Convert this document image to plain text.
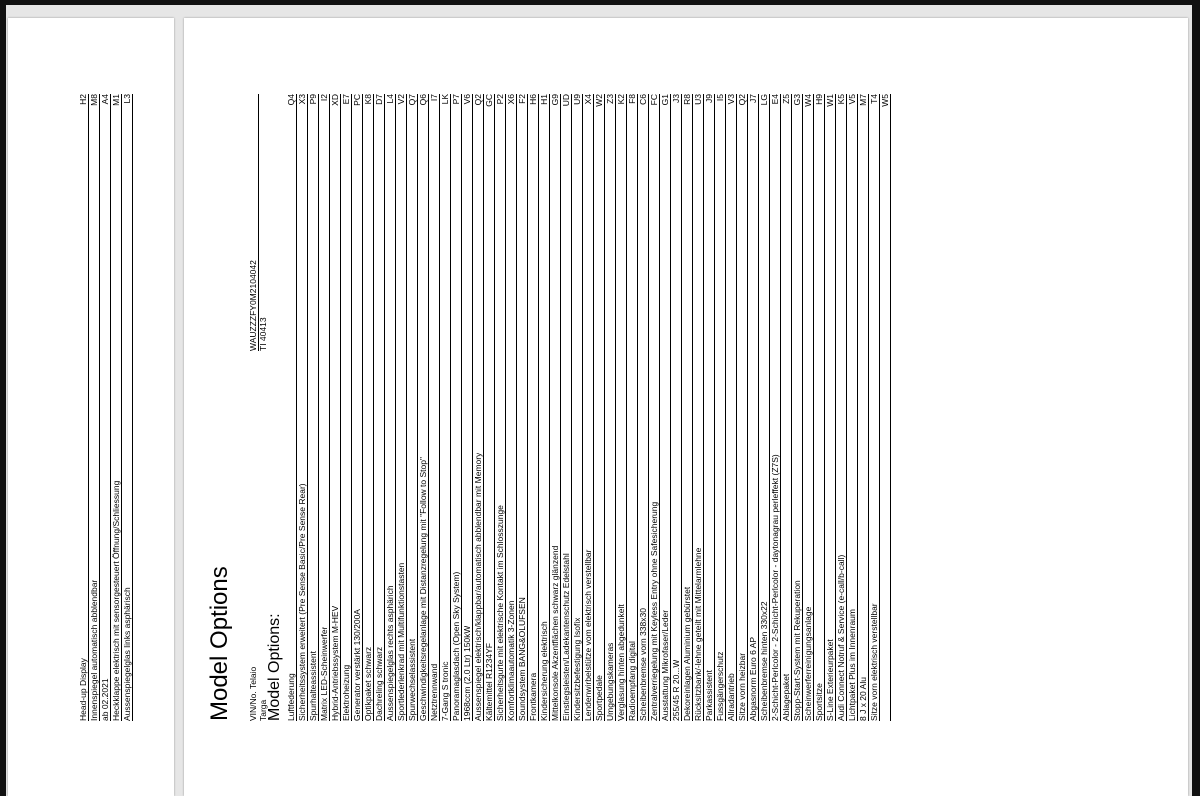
Head-up Display
H2
Innenspiegel automatisch abblendbar
M8
ab 02.2021
A4
Heckklappe elektrisch mit sensorgesteuert Öffnung/Schliessung
M1
Aussenspiegelglas links asphärisch
L3
Model Options VIN/No. Telaio
WAUZZZFY0M2104042
Targa
TI 40413
Model Options: Luftfederung
Q4
Sicherheitssystem erweitert (Pre Sense Basic/Pre Sense Rear)
X3
Spurhalteassistent
P9
Matrix LED-Scheinwerfer
I2
Hybrid-Antriebssystem M-HEV
XD
Elektroheizung
E7
Generator verstärkt 130/200A
PC
Optikpaket schwarz
K8
Dachreling schwarz
D7
Aussenspiegelglas rechts asphärich
L4
Sportlederlenkrad mit Multifunktionstasten
V2
Spurwechselassistent
Q7
Geschwindigkeitsregelanlage mit Distanzregelung mit "Follow to Stop"
Q6
Netztrennwand
I7
7-Gang S tronic
LK
Panoramaglasdach (Open Sky System)
P7
1968ccm (2.0 Ltr) 150kW
V6
Aussenspiegel elektrisch/klappbar/automatisch abblendbar mit Memory
Q2
Kältemittel R1234YF
GC
Sicherheitsgurte mit elektrische Kontakt im Schlosszunge
P2
Komfortklimaautomatik 3-Zonen
X6
Soundsystem BANG&OLUFSEN
F2
Frontkamera
H6
Kindersicherung elektrisch
H1
Mittelkonsole Akzentflächen schwarz glänzend
G9
Einstiegsleisten/Ladekantenschutz Edelstahl
UD
Kindersitzbefestigung Isofix
U9
Lendenwirbelstütze vom elektrisch verstellbar
X4
Sportpedale
W2
Umgebungskameras
Z3
Verglasung hinten abgedunkelt
K2
Radioempfang digital
F8
Scheibenbremse vorn 338x30
C6
Zentralverriegelung mit Keyless Entry ohne Safesicherung
FC
Ausstattung Mikrofaser/Leder
G1
255/45 R 20...W
J3
Dekoreinlagen Aluminium gebürstet
R8
Rücksitzbank/-lehne geteilt mit Mittelarmlehne
U3
Parkassistent
J9
Fussgängerschutz
I5
Allradantrieb
V3
Sitze vorn heizbar
Q2
Abgasnorm Euro 6 AP
J7
Scheibenbremse hinten 330x22
LG
2-Schicht-Perlcolor - 2-Schicht-Perlcolor - daytonagrau perleffekt (Z7S)
E4
Ablagepaket
Z5
Stopp-Start-System mit Rekuperation
G3
Scheinwerferreinigungsanlage
W4
Sportsitze
H9
S-Line Exterieurpaket
W1
Audi Connect Notruf & Service (e-call/b-call)
K5
Lichtpaket Plus im Innenraum
V5
8 J x 20 Alu
M7
Sitze vorn elektrisch verstellbar
T4 W5
